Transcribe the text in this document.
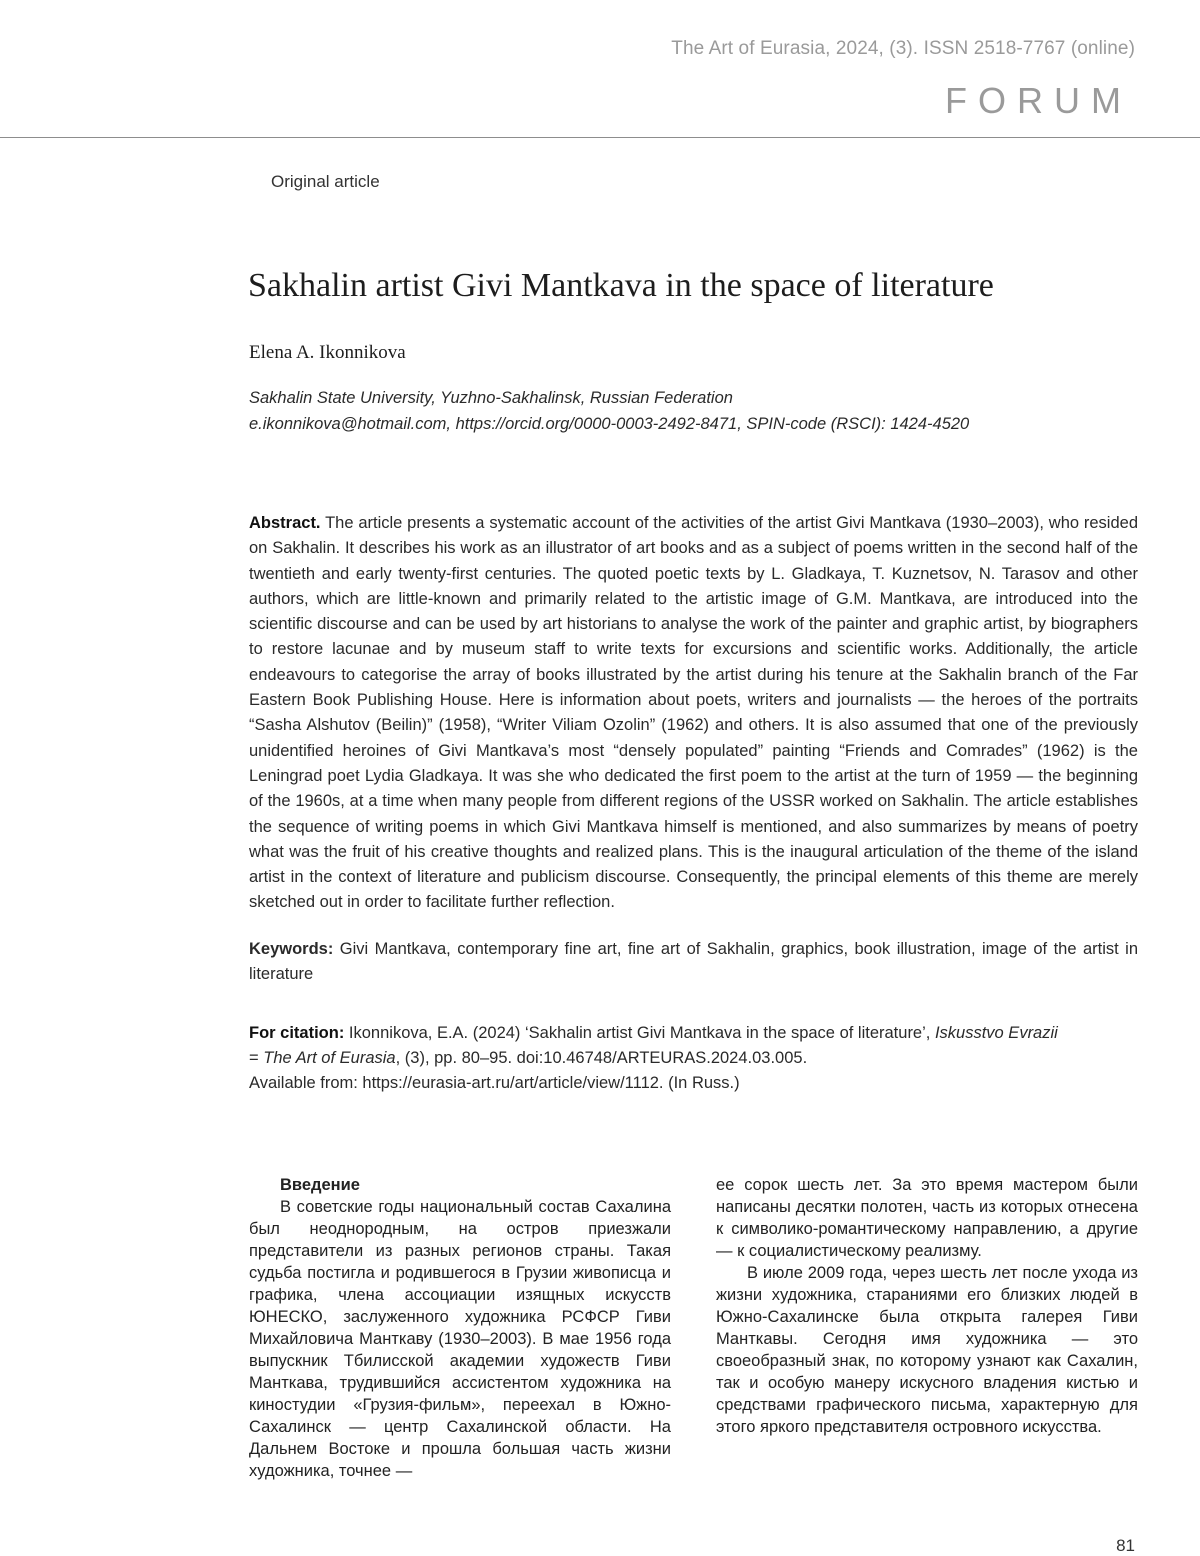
The Art of Eurasia, 2024, (3). ISSN 2518-7767 (online)
FORUM
Original article
Sakhalin artist Givi Mantkava in the space of literature
Elena A. Ikonnikova
Sakhalin State University, Yuzhno-Sakhalinsk, Russian Federation
e.ikonnikova@hotmail.com, https://orcid.org/0000-0003-2492-8471, SPIN-code (RSCI): 1424-4520

Abstract. The article presents a systematic account of the activities of the artist Givi Mantkava (1930–2003), who resided on Sakhalin. It describes his work as an illustrator of art books and as a subject of poems written in the second half of the twentieth and early twenty-first centuries. The quoted poetic texts by L. Gladkaya, T. Kuznetsov, N. Tarasov and other authors, which are little-known and primarily related to the artistic image of G.M. Mantkava, are introduced into the scientific discourse and can be used by art historians to analyse the work of the painter and graphic artist, by biographers to restore lacunae and by museum staff to write texts for excursions and scientific works. Additionally, the article endeavours to categorise the array of books illustrated by the artist during his tenure at the Sakhalin branch of the Far Eastern Book Publishing House. Here is information about poets, writers and journalists — the heroes of the portraits “Sasha Alshutov (Beilin)” (1958), “Writer Viliam Ozolin” (1962) and others. It is also assumed that one of the previously unidentified heroines of Givi Mantkava’s most “densely populated” painting “Friends and Comrades” (1962) is the Leningrad poet Lydia Gladkaya. It was she who dedicated the first poem to the artist at the turn of 1959 — the beginning of the 1960s, at a time when many people from different regions of the USSR worked on Sakhalin. The article establishes the sequence of writing poems in which Givi Mantkava himself is mentioned, and also summarizes by means of poetry what was the fruit of his creative thoughts and realized plans. This is the inaugural articulation of the theme of the island artist in the context of literature and publicism discourse. Consequently, the principal elements of this theme are merely sketched out in order to facilitate further reflection.

Keywords: Givi Mantkava, contemporary fine art, fine art of Sakhalin, graphics, book illustration, image of the artist in literature

For citation: Ikonnikova, E.A. (2024) ‘Sakhalin artist Givi Mantkava in the space of literature’, Iskusstvo Evrazii
= The Art of Eurasia, (3), pp. 80–95. doi:10.46748/ARTEURAS.2024.03.005.
Available from: https://eurasia-art.ru/art/article/view/1112. (In Russ.)

Введение

В советские годы национальный состав Сахалина был неоднородным, на остров приезжали представители из разных регионов страны. Такая судьба постигла и родившегося в Грузии живописца и графика, члена ассоциации изящных искусств ЮНЕСКО, заслуженного художника РСФСР Гиви Михайловича Манткаву (1930–2003). В мае 1956 года выпускник Тбилисской академии художеств Гиви Манткава, трудившийся ассистентом художника на киностудии «Грузия-фильм», переехал в Южно-Сахалинск — центр Сахалинской области. На Дальнем Востоке и прошла большая часть жизни художника, точнее —

ее сорок шесть лет. За это время мастером были написаны десятки полотен, часть из которых отнесена к символико-романтическому направлению, а другие — к социалистическому реализму.

В июле 2009 года, через шесть лет после ухода из жизни художника, стараниями его близких людей в Южно-Сахалинске была открыта галерея Гиви Манткавы. Сегодня имя художника — это своеобразный знак, по которому узнают как Сахалин, так и особую манеру искусного владения кистью и средствами графического письма, характерную для этого яркого представителя островного искусства.

81
